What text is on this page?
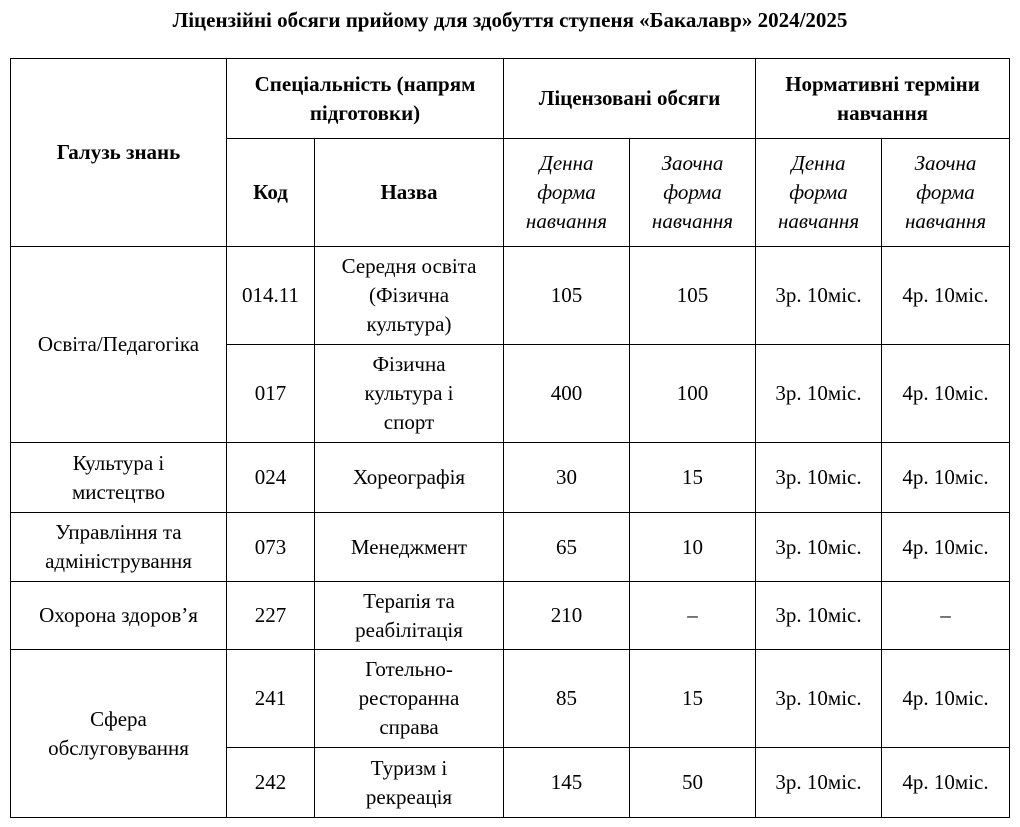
Ліцензійні обсяги прийому для здобуття ступеня «Бакалавр» 2024/2025
Галузь знань	Спеціальність (напрям підготовки)		Ліцензовані обсяги		Нормативні терміни навчання	
	Код	Назва	Денна форма навчання	Заочна форма навчання	Денна форма навчання	Заочна форма навчання
Освіта/Педагогіка	014.11	Середня освіта (Фізична культура)	105	105	3р. 10міс.	4р. 10міс.
	017	Фізична культура і спорт	400	100	3р. 10міс.	4р. 10міс.
Культура і мистецтво	024	Хореографія	30	15	3р. 10міс.	4р. 10міс.
Управління та адміністрування	073	Менеджмент	65	10	3р. 10міс.	4р. 10міс.
Охорона здоров’я	227	Терапія та реабілітація	210	–	3р. 10міс.	–
Сфера обслуговування	241	Готельно-ресторанна справа	85	15	3р. 10міс.	4р. 10міс.
	242	Туризм і рекреація	145	50	3р. 10міс.	4р. 10міс.
